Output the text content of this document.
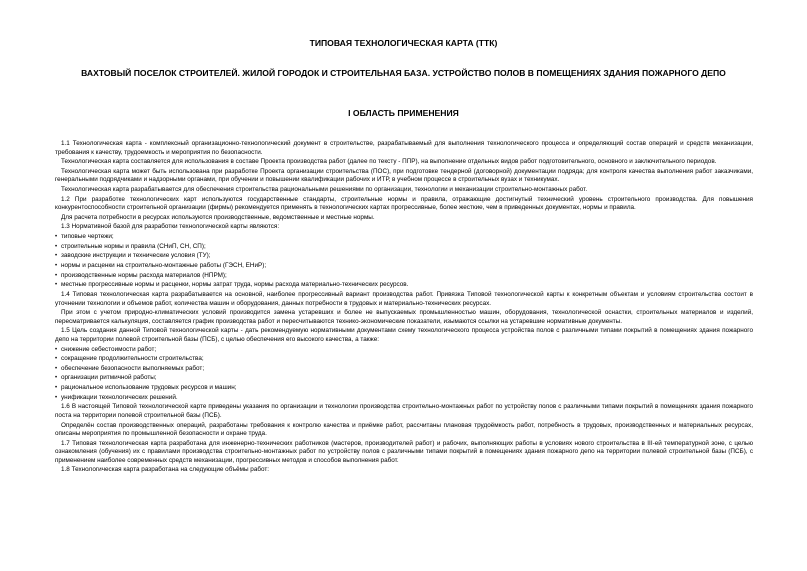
ТИПОВАЯ ТЕХНОЛОГИЧЕСКАЯ КАРТА (ТТК)
ВАХТОВЫЙ ПОСЕЛОК СТРОИТЕЛЕЙ. ЖИЛОЙ ГОРОДОК И СТРОИТЕЛЬНАЯ БАЗА. УСТРОЙСТВО ПОЛОВ В ПОМЕЩЕНИЯХ ЗДАНИЯ ПОЖАРНОГО ДЕПО
I ОБЛАСТЬ ПРИМЕНЕНИЯ

1.1 Технологическая карта - комплексный организационно-технологический документ в строительстве, разрабатываемый для выполнения технологического процесса и определяющий состав операций и средств механизации, требования к качеству, трудоемкость и мероприятия по безопасности.

Технологическая карта составляется для использования в составе Проекта производства работ (далее по тексту - ППР), на выполнение отдельных видов работ подготовительного, основного и заключительного периодов.

Технологическая карта может быть использована при разработке Проекта организации строительства (ПОС), при подготовке тендерной (договорной) документации подряда; для контроля качества выполнения работ заказчиками, генеральными подрядчиками и надзорными органами, при обучении и повышении квалификации рабочих и ИТР, в учебном процессе в строительных вузах и техникумах.

Технологическая карта разрабатывается для обеспечения строительства рациональными решениями по организации, технологии и механизации строительно-монтажных работ.

1.2 При разработке технологических карт используются государственные стандарты, строительные нормы и правила, отражающие достигнутый технический уровень строительного производства. Для повышения конкурентоспособности строительной организации (фирмы) рекомендуется применять в технологических картах прогрессивные, более жесткие, чем в приведенных документах, нормы и правила.

Для расчета потребности в ресурсах используются производственные, ведомственные и местные нормы.

1.3 Нормативной базой для разработки технологической карты являются:

• типовые чертежи;
• строительные нормы и правила (СНиП, СН, СП);
• заводские инструкции и технические условия (ТУ);
• нормы и расценки на строительно-монтажные работы (ГЭСН, ЕНиР);
• производственные нормы расхода материалов (НПРМ);
• местные прогрессивные нормы и расценки, нормы затрат труда, нормы расхода материально-технических ресурсов.

1.4 Типовая технологическая карта разрабатывается на основной, наиболее прогрессивный вариант производства работ. Привязка Типовой технологической карты к конкретным объектам и условиям строительства состоит в уточнении технологии и объемов работ, количества машин и оборудования, данных потребности в трудовых и материально-технических ресурсах.

При этом с учетом природно-климатических условий производится замена устаревших и более не выпускаемых промышленностью машин, оборудования, технологической оснастки, строительных материалов и изделий, пересматривается калькуляция, составляется график производства работ и пересчитываются технико-экономические показатели, изымаются ссылки на устаревшие нормативные документы.

1.5 Цель создания данной Типовой технологической карты - дать рекомендуемую нормативными документами схему технологического процесса устройства полов с различными типами покрытий в помещениях здания пожарного депо на территории полевой строительной базы (ПСБ), с целью обеспечения его высокого качества, а также:

• снижение себестоимости работ;
• сокращение продолжительности строительства;
• обеспечение безопасности выполняемых работ;
• организации ритмичной работы;
• рациональное использование трудовых ресурсов и машин;
• унификации технологических решений.

1.6 В настоящей Типовой технологической карте приведены указания по организации и технологии производства строительно-монтажных работ по устройству полов с различными типами покрытий в помещениях здания пожарного поста на территории полевой строительной базы (ПСБ).

Определён состав производственных операций, разработаны требования к контролю качества и приёмке работ, рассчитаны плановая трудоёмкость работ, потребность в трудовых, производственных и материальных ресурсах, описаны мероприятия по промышленной безопасности и охране труда.

1.7 Типовая технологическая карта разработана для инженерно-технических работников (мастеров, производителей работ) и рабочих, выполняющих работы в условиях нового строительства в III-ей температурной зоне, с целью ознакомления (обучения) их с правилами производства строительно-монтажных работ по устройству полов с различными типами покрытий в помещениях здания пожарного депо на территории полевой строительной базы (ПСБ), с применением наиболее современных средств механизации, прогрессивных методов и способов выполнения работ.

1.8 Технологическая карта разработана на следующие объёмы работ:
